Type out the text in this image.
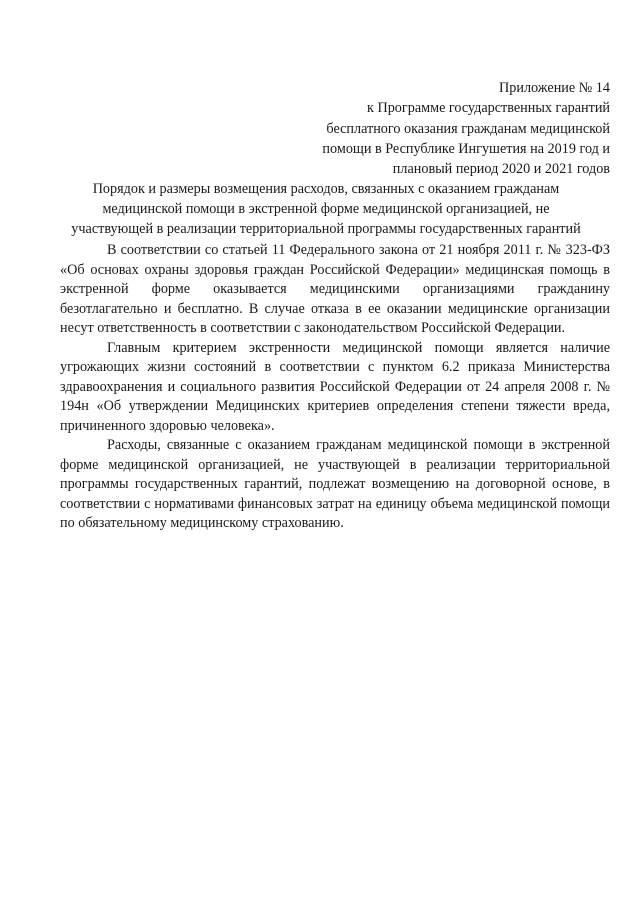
Приложение № 14
к Программе государственных гарантий
бесплатного оказания гражданам медицинской
помощи в Республике Ингушетия на 2019 год и
плановый период 2020 и 2021 годов
Порядок и размеры возмещения расходов, связанных с оказанием гражданам
медицинской помощи в экстренной форме медицинской организацией, не
участвующей в реализации территориальной программы государственных гарантий

В соответствии со статьей 11 Федерального закона от 21 ноября 2011 г. № 323-ФЗ «Об основах охраны здоровья граждан Российской Федерации» медицинская помощь в экстренной форме оказывается медицинскими организациями гражданину безотлагательно и бесплатно. В случае отказа в ее оказании медицинские организации несут ответственность в соответствии с законодательством Российской Федерации.

Главным критерием экстренности медицинской помощи является наличие угрожающих жизни состояний в соответствии с пунктом 6.2 приказа Министерства здравоохранения и социального развития Российской Федерации от 24 апреля 2008 г. № 194н «Об утверждении Медицинских критериев определения степени тяжести вреда, причиненного здоровью человека».

Расходы, связанные с оказанием гражданам медицинской помощи в экстренной форме медицинской организацией, не участвующей в реализации территориальной программы государственных гарантий, подлежат возмещению на договорной основе, в соответствии с нормативами финансовых затрат на единицу объема медицинской помощи по обязательному медицинскому страхованию.
